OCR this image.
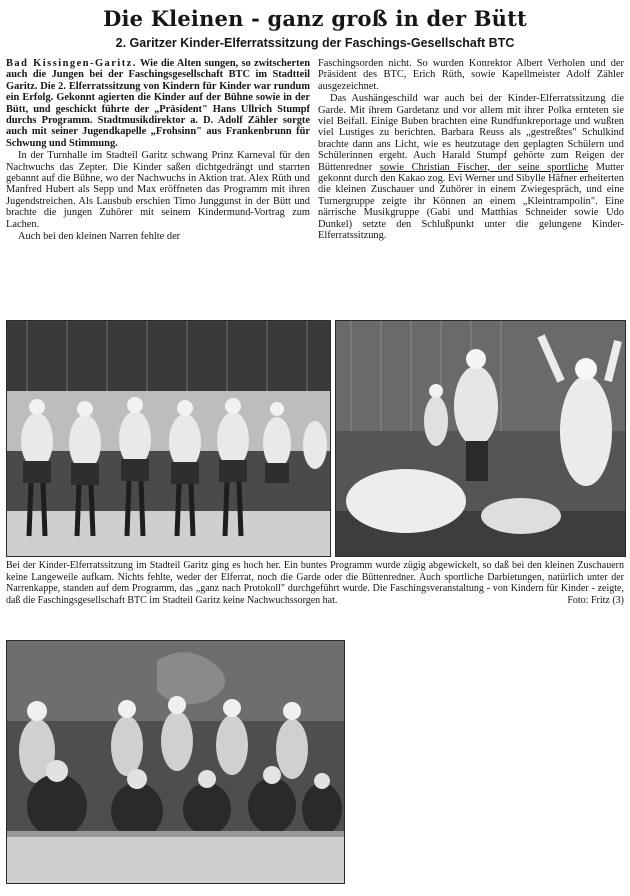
Die Kleinen - ganz groß in der Bütt
2. Garitzer Kinder-Elferratssitzung der Faschings-Gesellschaft BTC

Bad Kissingen-Garitz. Wie die Alten sungen, so zwitscherten auch die Jungen bei der Faschingsgesellschaft BTC im Stadtteil Garitz. Die 2. Elferratssitzung von Kindern für Kinder war rundum ein Erfolg. Gekonnt agierten die Kinder auf der Bühne sowie in der Bütt, und geschickt führte der „Präsident" Hans Ullrich Stumpf durchs Programm. Stadtmusikdirektor a. D. Adolf Zähler sorgte auch mit seiner Jugendkapelle „Frohsinn" aus Frankenbrunn für Schwung und Stimmung.

In der Turnhalle im Stadteil Garitz schwang Prinz Karneval für den Nachwuchs das Zepter. Die Kinder saßen dichtgedrängt und starrten gebannt auf die Bühne, wo der Nachwuchs in Aktion trat. Alex Rüth und Manfred Hubert als Sepp und Max eröffneten das Programm mit ihren Jugendstreichen. Als Lausbub erschien Timo Junggunst in der Bütt und brachte die jungen Zuhörer mit seinem Kindermund-Vortrag zum Lachen.

Auch bei den kleinen Narren fehlte der

Faschingsorden nicht. So wurden Konrektor Albert Verholen und der Präsident des BTC, Erich Rüth, sowie Kapellmeister Adolf Zähler ausgezeichnet.

Das Aushängeschild war auch bei der Kinder-Elferratssitzung die Garde. Mit ihrem Gardetanz und vor allem mit ihrer Polka ernteten sie viel Beifall. Einige Buben brachten eine Rundfunkreportage und wußten viel Lustiges zu berichten. Barbara Reuss als „gestreßtes" Schulkind brachte dann ans Licht, wie es heutzutage den geplagten Schülern und Schülerinnen ergeht. Auch Harald Stumpf gehörte zum Reigen der Büttenredner sowie Christian Fischer, der seine sportliche Mutter gekonnt durch den Kakao zog. Evi Werner und Sibylle Häfner erheiterten die kleinen Zuschauer und Zuhörer in einem Zwiegespräch, und eine Turnergruppe zeigte ihr Können an einem „Kleintrampolin". Eine närrische Musikgruppe (Gabi und Matthias Schneider sowie Udo Dunkel) setzte den Schlußpunkt unter die gelungene Kinder-Elferratssitzung.

Bei der Kinder-Elferratssitzung im Stadteil Garitz ging es hoch her. Ein buntes Programm wurde zügig abgewickelt, so daß bei den kleinen Zuschauern keine Langeweile aufkam. Nichts fehlte, weder der Elferrat, noch die Garde oder die Büttenredner. Auch sportliche Darbietungen, natürlich unter der Narrenkappe, standen auf dem Programm, das „ganz nach Protokoll" durchgeführt wurde. Die Faschingsveranstaltung - von Kindern für Kinder - zeigte, daß die Faschingsgesellschaft BTC im Stadteil Garitz keine Nachwuchssorgen hat.	Foto: Fritz (3)
